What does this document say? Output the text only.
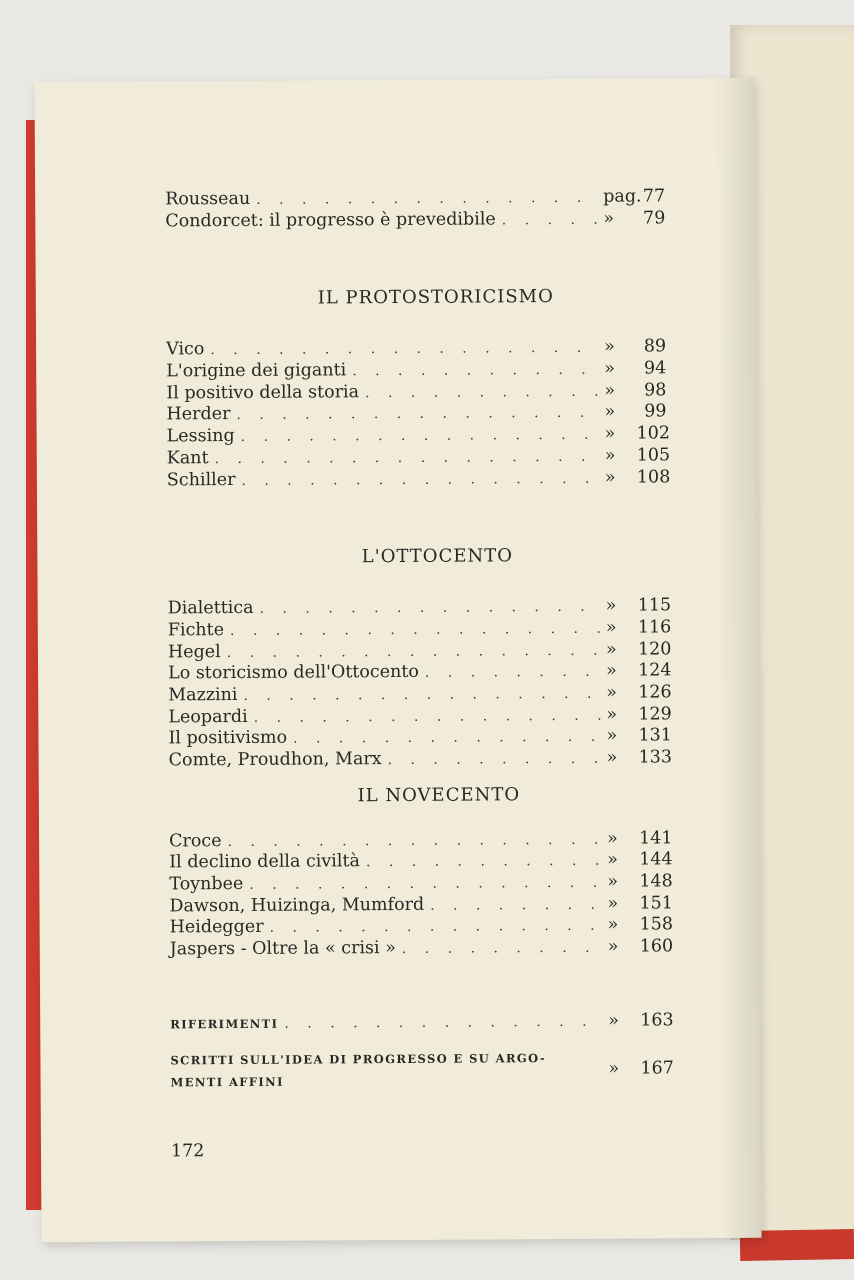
Rousseau . . .	pag. 77
Condorcet: il progresso è prevedibile . . .	»	79
IL PROTOSTORICISMO
Vico . . .	»	89
L'origine dei giganti . . .	»	94
Il positivo della storia . . .	»	98
Herder . . .	»	99
Lessing . . .	»	102
Kant . . .	»	105
Schiller . . .	»	108
L'OTTOCENTO
Dialettica . . .	»	115
Fichte . . .	»	116
Hegel . . .	»	120
Lo storicismo dell'Ottocento . . .	»	124
Mazzini . . .	»	126
Leopardi . . .	»	129
Il positivismo . . .	»	131
Comte, Proudhon, Marx . . .	»	133
IL NOVECENTO
Croce . . .	»	141
Il declino della civiltà . . .	»	144
Toynbee . . .	»	148
Dawson, Huizinga, Mumford . . .	»	151
Heidegger . . .	»	158
Jaspers - Oltre la « crisi » . . .	»	160
RIFERIMENTI . . .	»	163
SCRITTI SULL'IDEA DI PROGRESSO E SU ARGO-
MENTI AFFINI
»	167
172
